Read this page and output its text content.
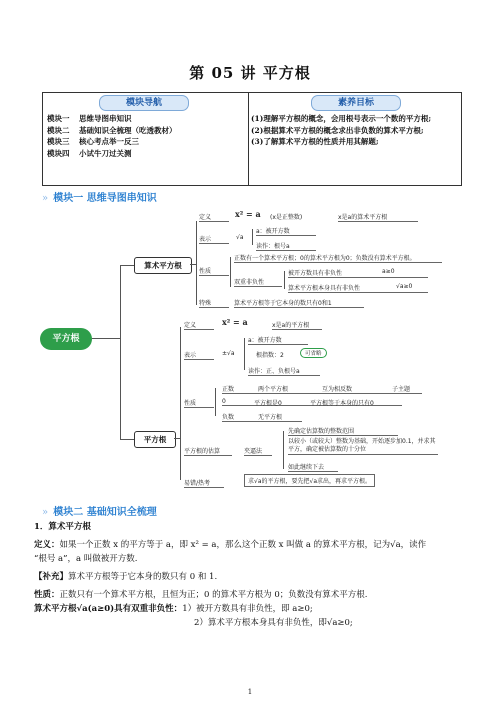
第 05 讲 平方根
模块导航	素养目标
模块一 思维导图串知识
模块二 基础知识全梳理（吃透教材）
模块三 核心考点举一反三
模块四 小试牛刀过关测
(1)理解平方根的概念，会用根号表示一个数的平方根;
(2)根据算术平方根的概念求出非负数的算术平方根;
(3)了解算术平方根的性质并用其解题;
» 模块一 思维导图串知识
平方根
算术平方根
定义	x² = a (x是正整数)	x是a的算术平方根
表示	√a
a：被开方数
读作：根号a
性质
正数有一个算术平方根；0的算术平方根为0；负数没有算术平方根。
双重非负性
被开方数具有非负性	a≥0
算术平方根本身具有非负性	√a≥0
特殊	算术平方根等于它本身的数只有0和1
平方根
定义	x² = a	x是a的平方根
表示	±√a
a：被开方数
根指数：2	可省略
读作：正、负根号a
性质
正数	两个平方根	互为相反数	子主题
0	平方根是0	平方根等于本身的只有0
负数	无平方根
平方根的估算	夹逼法
先确定估算数的整数范围
以较小（或较大）整数为基础，开始逐步加0.1，并求其平方，确定被估算数的十分位
如此继续下去
易错/热考	求√a的平方根，要先把√a求出，再求平方根。
» 模块二 基础知识全梳理
1．算术平方根
定义：如果一个正数 x 的平方等于 a，即 x² = a，那么这个正数 x 叫做 a 的算术平方根，记为√a，读作
“根号 a”，a 叫做被开方数.
【补充】算术平方根等于它本身的数只有 0 和 1.
性质：正数只有一个算术平方根，且恒为正；0 的算术平方根为 0；负数没有算术平方根.
算术平方根√a(a≥0)具有双重非负性：1）被开方数具有非负性，即 a≥0;
2）算术平方根本身具有非负性，即√a≥0;
1
